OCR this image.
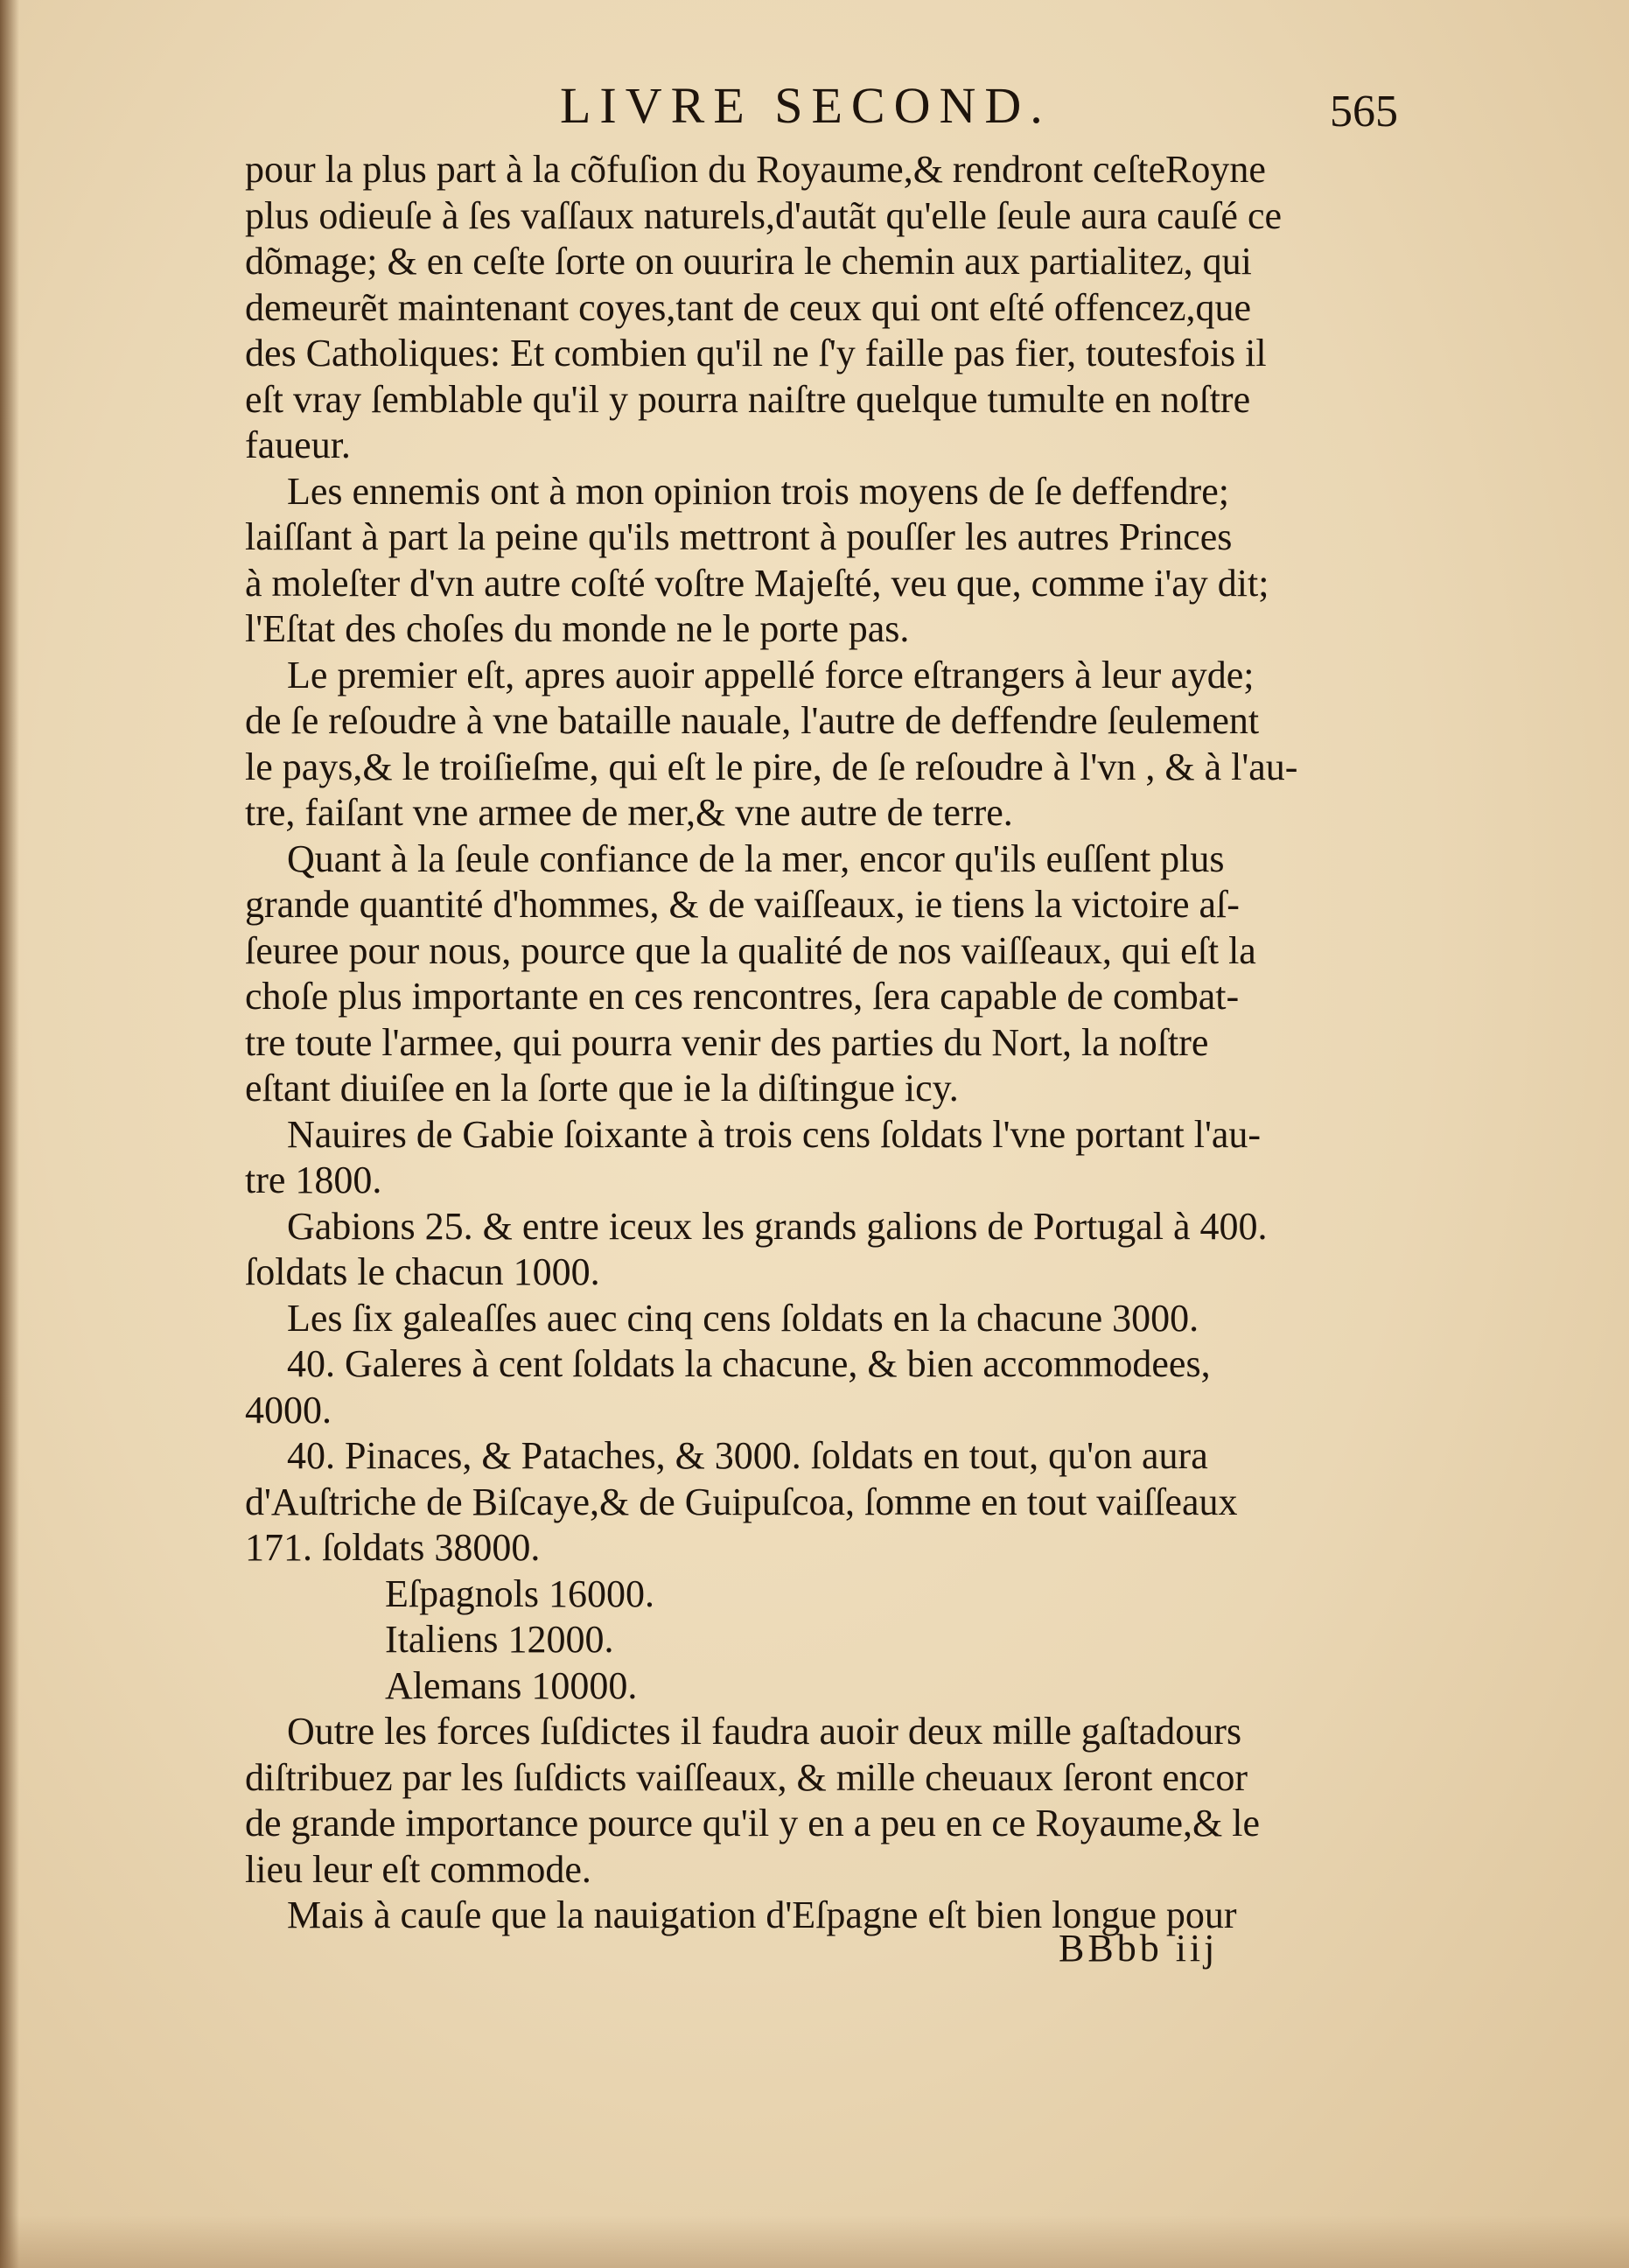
LIVRE SECOND.	565
pour la plus part à la cõfuſion du Royaume,& rendront ceſteRoyne
plus odieuſe à ſes vaſſaux naturels,d'autãt qu'elle ſeule aura cauſé ce
dõmage; & en ceſte ſorte on ouurira le chemin aux partialitez, qui
demeurẽt maintenant coyes,tant de ceux qui ont eſté offencez,que
des Catholiques: Et combien qu'il ne ſ'y faille pas fier, toutesfois il
eſt vray ſemblable qu'il y pourra naiſtre quelque tumulte en noſtre
faueur.
Les ennemis ont à mon opinion trois moyens de ſe deffendre;
laiſſant à part la peine qu'ils mettront à pouſſer les autres Princes
à moleſter d'vn autre coſté voſtre Majeſté, veu que, comme i'ay dit;
l'Eſtat des choſes du monde ne le porte pas.
Le premier eſt, apres auoir appellé force eſtrangers à leur ayde;
de ſe reſoudre à vne bataille nauale, l'autre de deffendre ſeulement
le pays,& le troiſieſme, qui eſt le pire, de ſe reſoudre à l'vn , & à l'au-
tre, faiſant vne armee de mer,& vne autre de terre.
Quant à la ſeule confiance de la mer, encor qu'ils euſſent plus
grande quantité d'hommes, & de vaiſſeaux, ie tiens la victoire aſ-
ſeuree pour nous, pource que la qualité de nos vaiſſeaux, qui eſt la
choſe plus importante en ces rencontres, ſera capable de combat-
tre toute l'armee, qui pourra venir des parties du Nort, la noſtre
eſtant diuiſee en la ſorte que ie la diſtingue icy.
Nauires de Gabie ſoixante à trois cens ſoldats l'vne portant l'au-
tre 1800.
Gabions 25. & entre iceux les grands galions de Portugal à 400.
ſoldats le chacun 1000.
Les ſix galeaſſes auec cinq cens ſoldats en la chacune 3000.
40. Galeres à cent ſoldats la chacune, & bien accommodees,
4000.
40. Pinaces, & Pataches, & 3000. ſoldats en tout, qu'on aura
d'Auſtriche de Biſcaye,& de Guipuſcoa, ſomme en tout vaiſſeaux
171. ſoldats 38000.
Eſpagnols 16000.
Italiens 12000.
Alemans 10000.
Outre les forces ſuſdictes il faudra auoir deux mille gaſtadours
diſtribuez par les ſuſdicts vaiſſeaux, & mille cheuaux ſeront encor
de grande importance pource qu'il y en a peu en ce Royaume,& le
lieu leur eſt commode.
Mais à cauſe que la nauigation d'Eſpagne eſt bien longue pour
BBbb iij
